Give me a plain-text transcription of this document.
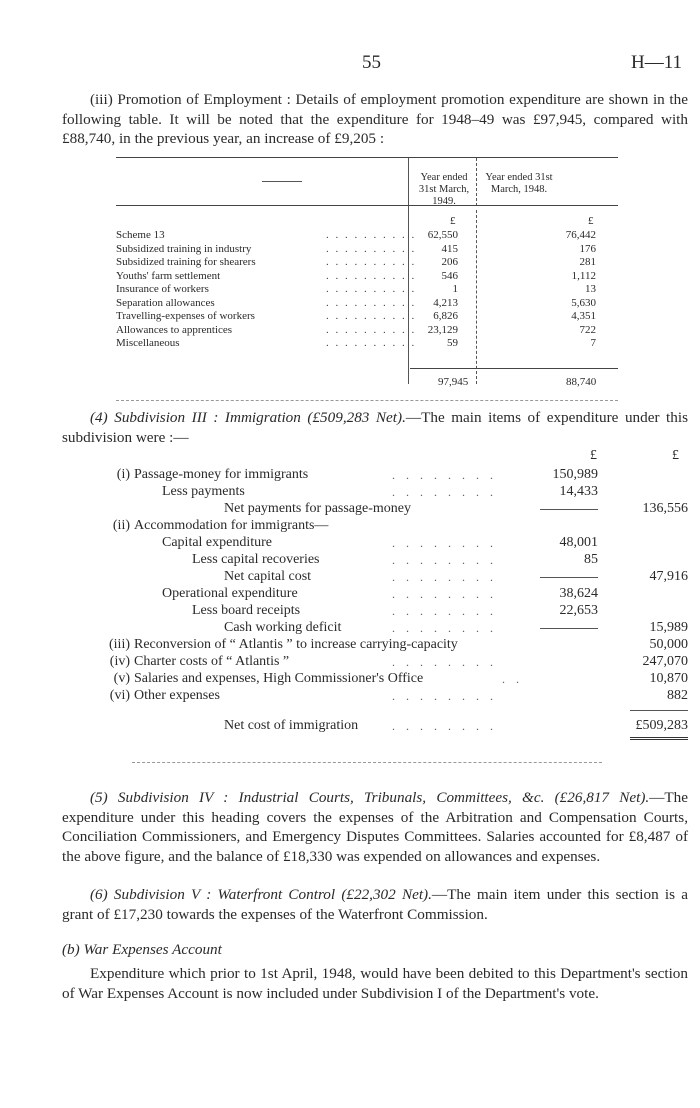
55	H—11

(iii) Promotion of Employment : Details of employment promotion expenditure are shown in the following table. It will be noted that the expenditure for 1948–49 was £97,945, compared with £88,740, in the previous year, an increase of £9,205 :

Year ended 31st March, 1949.
Year ended 31st March, 1948.
£	£
Scheme 13	. . . . . . . . . .	62,550	76,442
Subsidized training in industry	. . . . . . . . . .	415	176
Subsidized training for shearers	. . . . . . . . . .	206	281
Youths' farm settlement	. . . . . . . . . .	546	1,112
Insurance of workers	. . . . . . . . . .	1	13
Separation allowances	. . . . . . . . . .	4,213	5,630
Travelling-expenses of workers	. . . . . . . . . .	6,826	4,351
Allowances to apprentices	. . . . . . . . . .	23,129	722
Miscellaneous	. . . . . . . . . .	59	7
97,945	88,740

(4) Subdivision III : Immigration (£509,283 Net).—The main items of expenditure under this subdivision were :—

£	£
(i) Passage-money for immigrants	. . . . . . . .	150,989
Less payments	. . . . . . . .	14,433
Net payments for passage-money	136,556
(ii) Accommodation for immigrants—
Capital expenditure	. . . . . . . .	48,001
Less capital recoveries	. . . . . . . .	85
Net capital cost	. . . . . . . .	47,916
Operational expenditure	. . . . . . . .	38,624
Less board receipts	. . . . . . . .	22,653
Cash working deficit	. . . . . . . .	15,989
(iii) Reconversion of “ Atlantis ” to increase carrying-capacity	50,000
(iv) Charter costs of “ Atlantis ”	. . . . . . . .	247,070
(v) Salaries and expenses, High Commissioner's Office	. .	10,870
(vi) Other expenses	. . . . . . . .	882
Net cost of immigration	. . . . . . . .	£509,283

(5) Subdivision IV : Industrial Courts, Tribunals, Committees, &c. (£26,817 Net).—The expenditure under this heading covers the expenses of the Arbitration and Compensation Courts, Conciliation Commissioners, and Emergency Disputes Committees. Salaries accounted for £8,487 of the above figure, and the balance of £18,330 was expended on allowances and expenses.

(6) Subdivision V : Waterfront Control (£22,302 Net).—The main item under this section is a grant of £17,230 towards the expenses of the Waterfront Commission.

(b) War Expenses Account

Expenditure which prior to 1st April, 1948, would have been debited to this Department's section of War Expenses Account is now included under Subdivision I of the Department's vote.
